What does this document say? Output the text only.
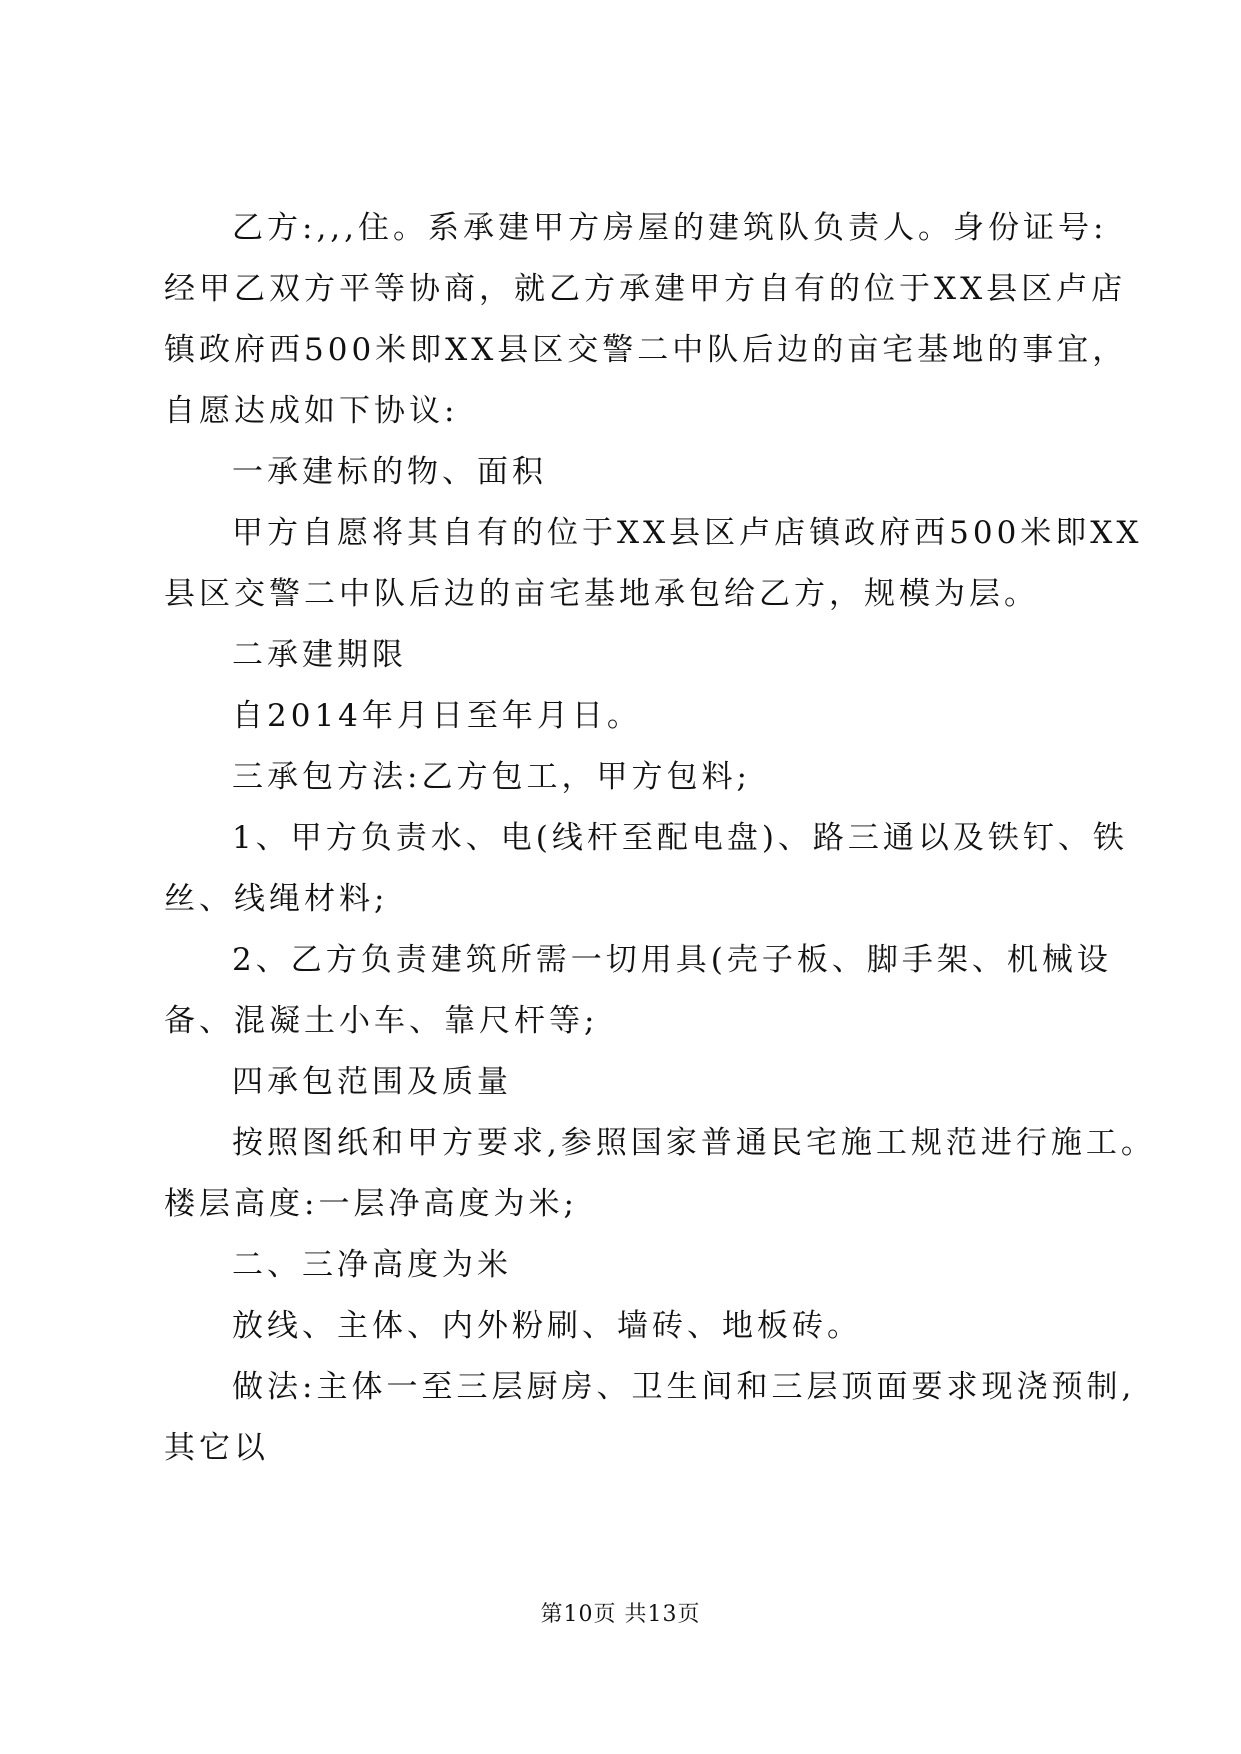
乙方:,,,住。系承建甲方房屋的建筑队负责人。身份证号:
经甲乙双方平等协商，就乙方承建甲方自有的位于XX县区卢店
镇政府西500米即XX县区交警二中队后边的亩宅基地的事宜，
自愿达成如下协议:
一承建标的物、面积
甲方自愿将其自有的位于XX县区卢店镇政府西500米即XX
县区交警二中队后边的亩宅基地承包给乙方，规模为层。
二承建期限
自2014年月日至年月日。
三承包方法:乙方包工，甲方包料;
1、甲方负责水、电(线杆至配电盘)、路三通以及铁钉、铁
丝、线绳材料;
2、乙方负责建筑所需一切用具(壳子板、脚手架、机械设
备、混凝土小车、靠尺杆等;
四承包范围及质量
按照图纸和甲方要求,参照国家普通民宅施工规范进行施工。
楼层高度:一层净高度为米;
二、三净高度为米
放线、主体、内外粉刷、墙砖、地板砖。
做法:主体一至三层厨房、卫生间和三层顶面要求现浇预制,
其它以
第10页 共13页
